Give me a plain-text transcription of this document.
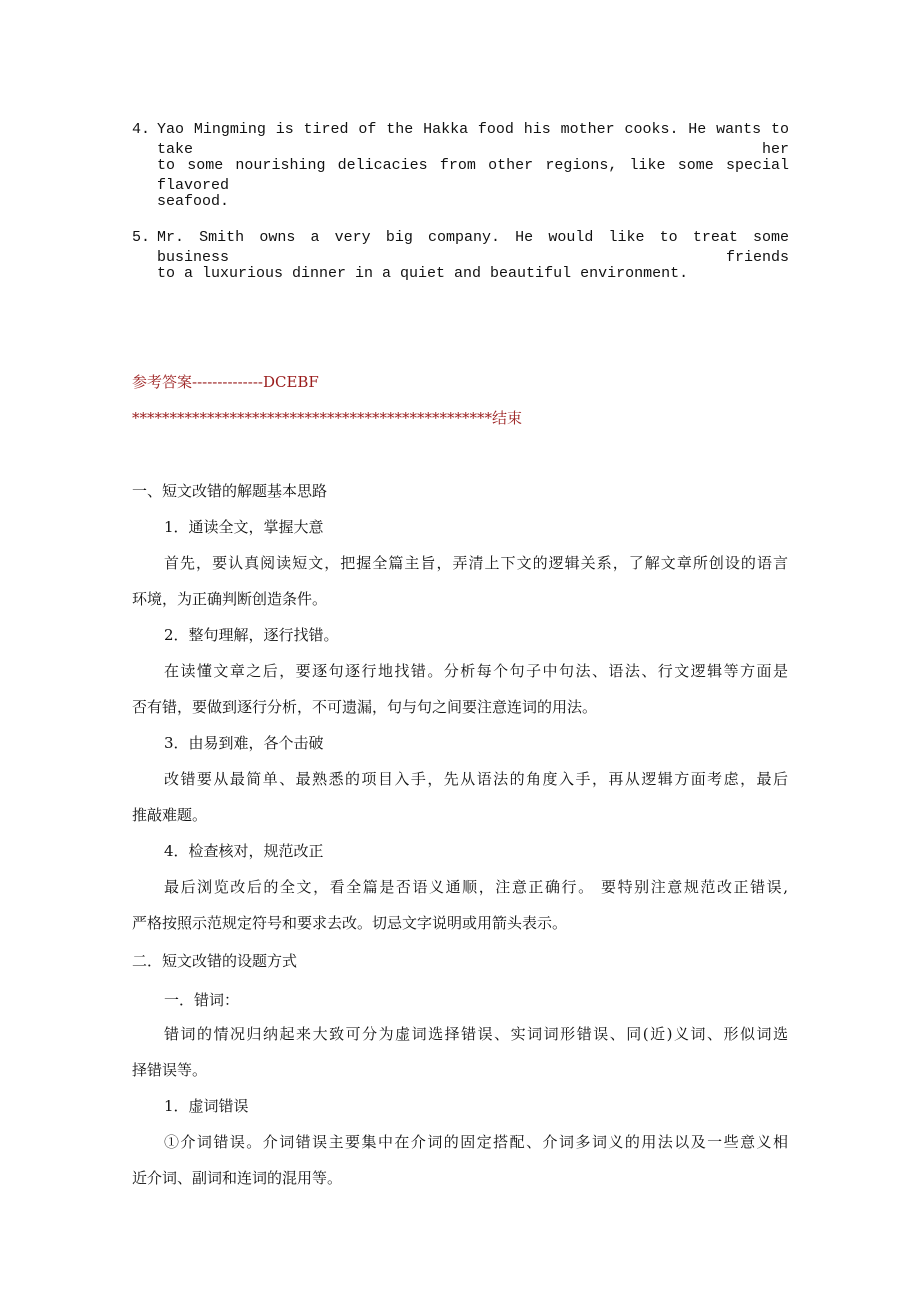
4. Yao Mingming is tired of the Hakka food his mother cooks. He wants to take her
to some nourishing delicacies from other regions, like some special flavored
seafood.
5. Mr. Smith owns a very big company. He would like to treat some business friends
to a luxurious dinner in a quiet and beautiful environment.
参考答案--------------DCEBF
************************************************结束
一、短文改错的解题基本思路
1．通读全文，掌握大意
首先，要认真阅读短文，把握全篇主旨，弄清上下文的逻辑关系，了解文章所创设的语言
环境，为正确判断创造条件。
2．整句理解，逐行找错。
在读懂文章之后，要逐句逐行地找错。分析每个句子中句法、语法、行文逻辑等方面是
否有错，要做到逐行分析，不可遗漏，句与句之间要注意连词的用法。
3．由易到难，各个击破
改错要从最简单、最熟悉的项目入手，先从语法的角度入手，再从逻辑方面考虑，最后
推敲难题。
4．检查核对，规范改正
最后浏览改后的全文，看全篇是否语义通顺，注意正确行。 要特别注意规范改正错误,
严格按照示范规定符号和要求去改。切忌文字说明或用箭头表示。
二．短文改错的设题方式
一．错词：
错词的情况归纳起来大致可分为虚词选择错误、实词词形错误、同(近)义词、形似词选
择错误等。
1．虚词错误
①介词错误。介词错误主要集中在介词的固定搭配、介词多词义的用法以及一些意义相
近介词、副词和连词的混用等。
